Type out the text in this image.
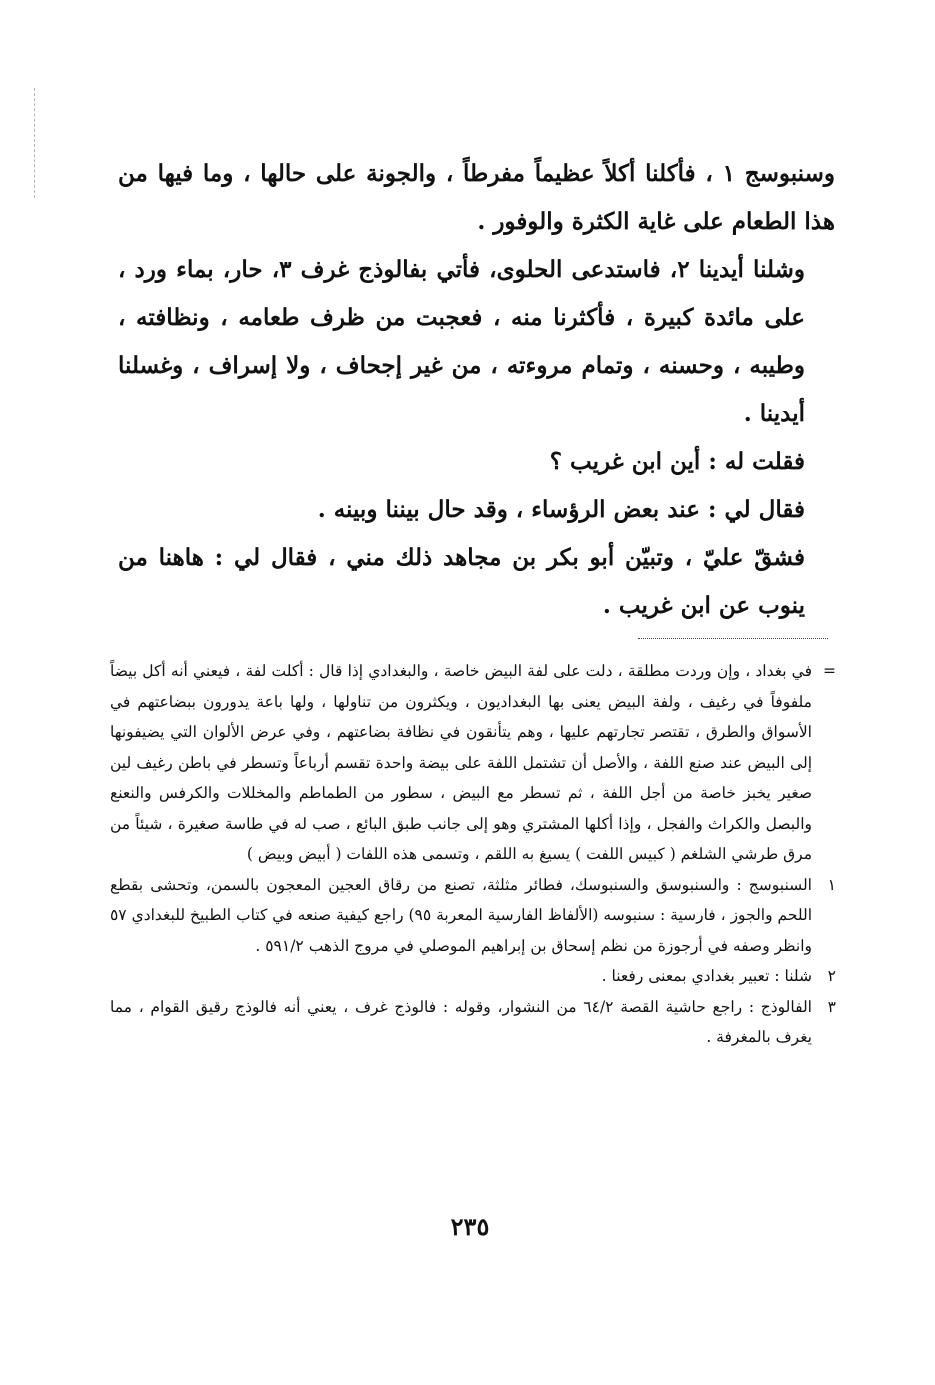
وسنبوسج ١ ، فأكلنا أكلاً عظيماً مفرطاً ، والجونة على حالها ، وما فيها من هذا الطعام على غاية الكثرة والوفور .

وشلنا أيدينا ٢، فاستدعى الحلوى، فأتي بفالوذج غرف ٣، حار، بماء ورد ، على مائدة كبيرة ، فأكثرنا منه ، فعجبت من ظرف طعامه ، ونظافته ، وطيبه ، وحسنه ، وتمام مروءته ، من غير إجحاف ، ولا إسراف ، وغسلنا أيدينا .

فقلت له : أين ابن غريب ؟

فقال لي : عند بعض الرؤساء ، وقد حال بيننا وبينه .

فشقّ عليّ ، وتبيّن أبو بكر بن مجاهد ذلك مني ، فقال لي : هاهنا من ينوب عن ابن غريب .

=
في بغداد ، وإن وردت مطلقة ، دلت على لفة البيض خاصة ، والبغدادي إذا قال : أكلت لفة ، فيعني أنه أكل بيضاً ملفوفاً في رغيف ، ولفة البيض يعنى بها البغداديون ، ويكثرون من تناولها ، ولها باعة يدورون ببضاعتهم في الأسواق والطرق ، تقتصر تجارتهم عليها ، وهم يتأنقون في نظافة بضاعتهم ، وفي عرض الألوان التي يضيفونها إلى البيض عند صنع اللفة ، والأصل أن تشتمل اللفة على بيضة واحدة تقسم أرباعاً وتسطر في باطن رغيف لين صغير يخبز خاصة من أجل اللفة ، ثم تسطر مع البيض ، سطور من الطماطم والمخللات والكرفس والنعنع والبصل والكراث والفجل ، وإذا أكلها المشتري وهو إلى جانب طبق البائع ، صب له في طاسة صغيرة ، شيئاً من مرق طرشي الشلغم ( كبيس اللفت ) يسيغ به اللقم ، وتسمى هذه اللفات ( أبيض وبيض )

١
السنبوسج : والسنبوسق والسنبوسك، فطائر مثلثة، تصنع من رقاق العجين المعجون بالسمن، وتحشى بقطع اللحم والجوز ، فارسية : سنبوسه (الألفاظ الفارسية المعربة ٩٥) راجع كيفية صنعه في كتاب الطبيخ للبغدادي ٥٧ وانظر وصفه في أرجوزة من نظم إسحاق بن إبراهيم الموصلي في مروج الذهب ٥٩١/٢ .

٢
شلنا : تعبير بغدادي بمعنى رفعنا .

٣
الفالوذج : راجع حاشية القصة ٦٤/٢ من النشوار، وقوله : فالوذج غرف ، يعني أنه فالوذج رقيق القوام ، مما يغرف بالمغرفة .

٢٣٥
